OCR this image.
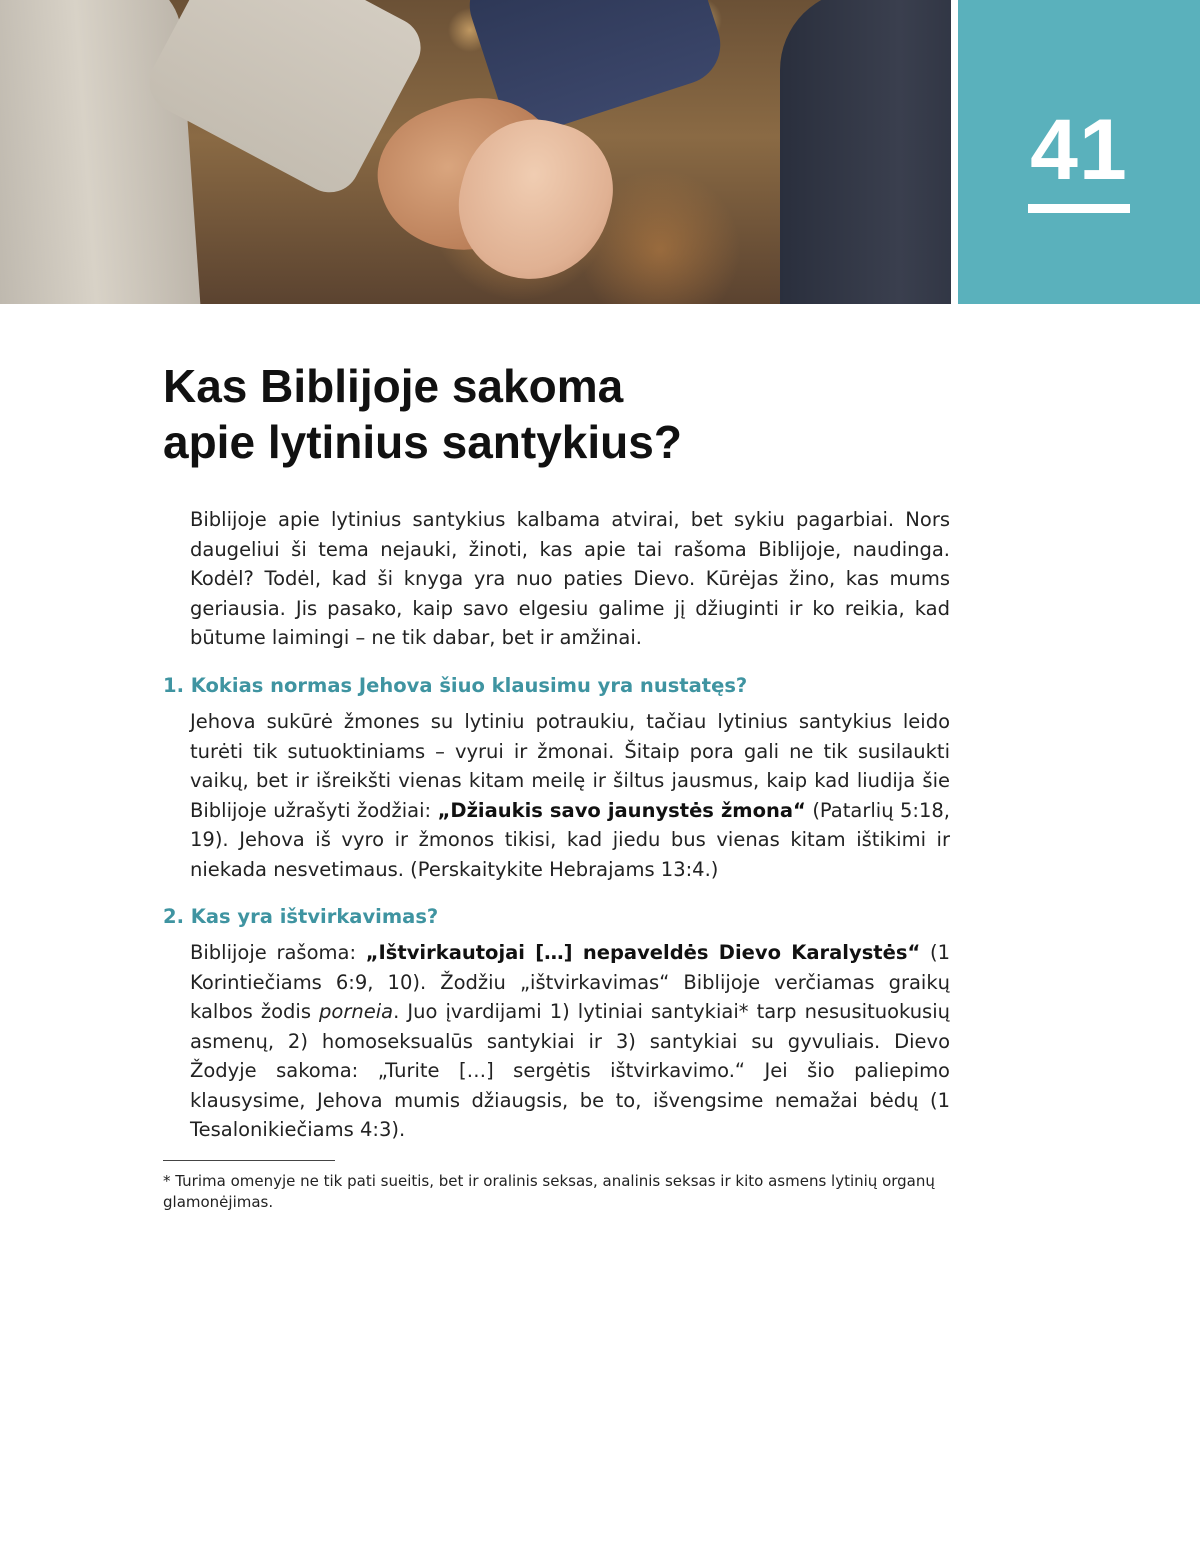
41
Kas Biblijoje sakoma
apie lytinius santykius?

Biblijoje apie lytinius santykius kalbama atvirai, bet sykiu pagarbiai. Nors daugeliui ši tema nejauki, žinoti, kas apie tai rašoma Biblijoje, naudinga. Kodėl? Todėl, kad ši knyga yra nuo paties Dievo. Kūrėjas žino, kas mums geriausia. Jis pasako, kaip savo elgesiu galime jį džiuginti ir ko reikia, kad būtume laimingi – ne tik dabar, bet ir amžinai.

1. Kokias normas Jehova šiuo klausimu yra nustatęs?

Jehova sukūrė žmones su lytiniu potraukiu, tačiau lytinius santykius leido turėti tik sutuoktiniams – vyrui ir žmonai. Šitaip pora gali ne tik susilaukti vaikų, bet ir išreikšti vienas kitam meilę ir šiltus jausmus, kaip kad liudija šie Biblijoje užrašyti žodžiai: „Džiaukis savo jaunystės žmona“ (Patarlių 5:18, 19). Jehova iš vyro ir žmonos tikisi, kad jiedu bus vienas kitam ištikimi ir niekada nesvetimaus. (Perskaitykite Hebrajams 13:4.)

2. Kas yra ištvirkavimas?

Biblijoje rašoma: „Ištvirkautojai […] nepaveldės Dievo Karalystės“ (1 Korintiečiams 6:9, 10). Žodžiu „ištvirkavimas“ Biblijoje verčiamas graikų kalbos žodis porneia. Juo įvardijami 1) lytiniai santykiai* tarp nesusituokusių asmenų, 2) homoseksualūs santykiai ir 3) santykiai su gyvuliais. Dievo Žodyje sakoma: „Turite […] sergėtis ištvirkavimo.“ Jei šio paliepimo klausysime, Jehova mumis džiaugsis, be to, išvengsime nemažai bėdų (1 Tesalonikiečiams 4:3).

* Turima omenyje ne tik pati sueitis, bet ir oralinis seksas, analinis seksas ir kito asmens lytinių organų glamonėjimas.
